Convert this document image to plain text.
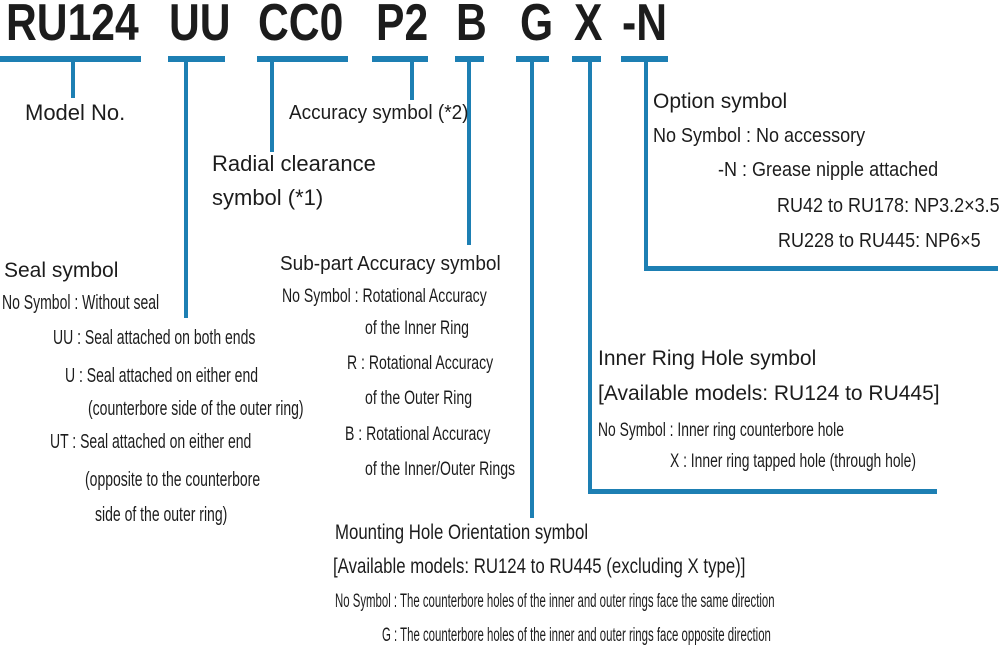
RU124 UU CC0 P2 B G X -N
Model No.	Accuracy symbol (*2)
Radial clearance
symbol (*1)
Seal symbol
No Symbol : Without seal
UU : Seal attached on both ends
U : Seal attached on either end
(counterbore side of the outer ring)
UT : Seal attached on either end
(opposite to the counterbore
side of the outer ring)
Sub-part Accuracy symbol
No Symbol : Rotational Accuracy
of the Inner Ring
R : Rotational Accuracy
of the Outer Ring
B : Rotational Accuracy
of the Inner/Outer Rings
Inner Ring Hole symbol
[Available models: RU124 to RU445]
No Symbol : Inner ring counterbore hole
X : Inner ring tapped hole (through hole)
Option symbol
No Symbol : No accessory
-N : Grease nipple attached
RU42 to RU178: NP3.2×3.5
RU228 to RU445: NP6×5
Mounting Hole Orientation symbol
[Available models: RU124 to RU445 (excluding X type)]
No Symbol : The counterbore holes of the inner and outer rings face the same direction
G : The counterbore holes of the inner and outer rings face opposite direction
